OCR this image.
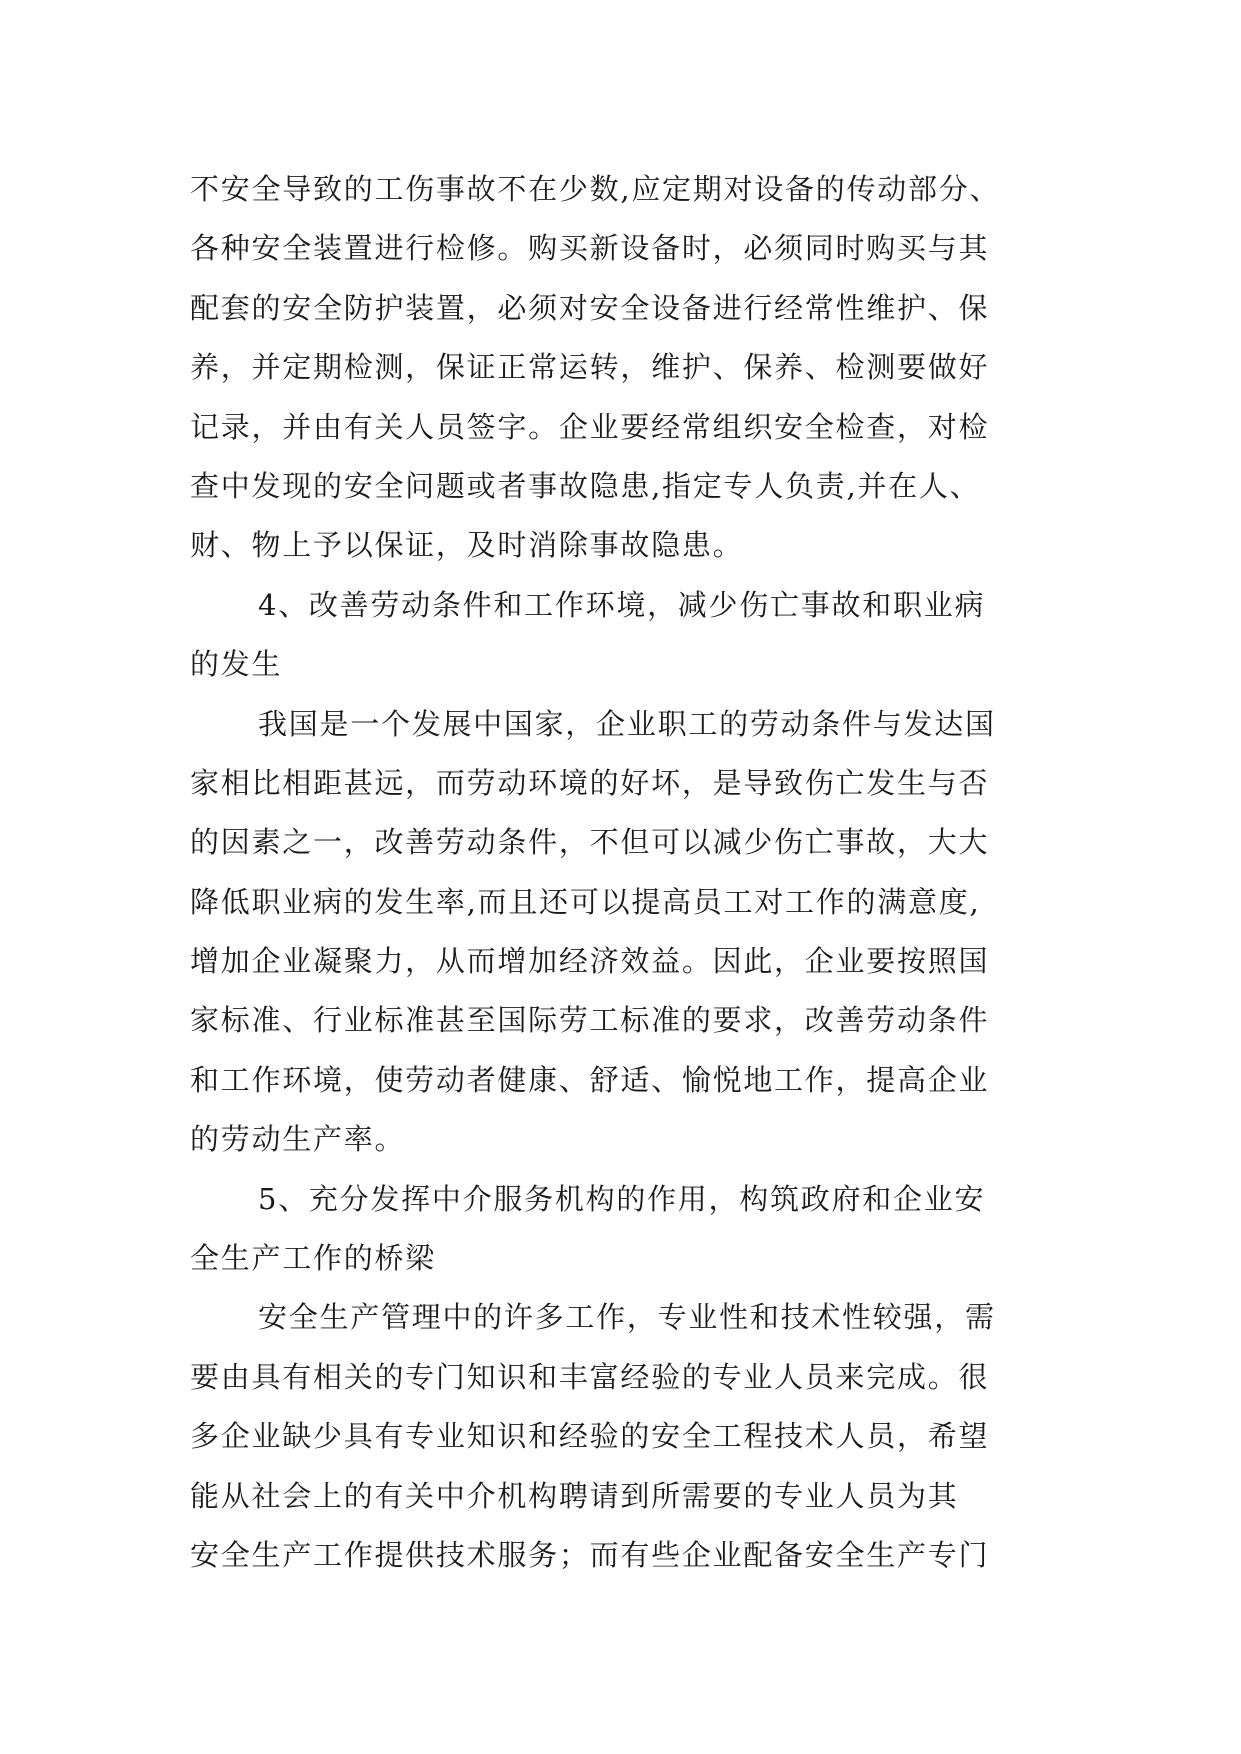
不安全导致的工伤事故不在少数,应定期对设备的传动部分、
各种安全装置进行检修。购买新设备时，必须同时购买与其
配套的安全防护装置，必须对安全设备进行经常性维护、保
养，并定期检测，保证正常运转，维护、保养、检测要做好
记录，并由有关人员签字。企业要经常组织安全检查，对检
查中发现的安全问题或者事故隐患,指定专人负责,并在人、
财、物上予以保证，及时消除事故隐患。
4、改善劳动条件和工作环境，减少伤亡事故和职业病
的发生
我国是一个发展中国家，企业职工的劳动条件与发达国
家相比相距甚远，而劳动环境的好坏，是导致伤亡发生与否
的因素之一，改善劳动条件，不但可以减少伤亡事故，大大
降低职业病的发生率,而且还可以提高员工对工作的满意度,
增加企业凝聚力，从而增加经济效益。因此，企业要按照国
家标准、行业标准甚至国际劳工标准的要求，改善劳动条件
和工作环境，使劳动者健康、舒适、愉悦地工作，提高企业
的劳动生产率。
5、充分发挥中介服务机构的作用，构筑政府和企业安
全生产工作的桥梁
安全生产管理中的许多工作，专业性和技术性较强，需
要由具有相关的专门知识和丰富经验的专业人员来完成。很
多企业缺少具有专业知识和经验的安全工程技术人员，希望
能从社会上的有关中介机构聘请到所需要的专业人员为其
安全生产工作提供技术服务；而有些企业配备安全生产专门
